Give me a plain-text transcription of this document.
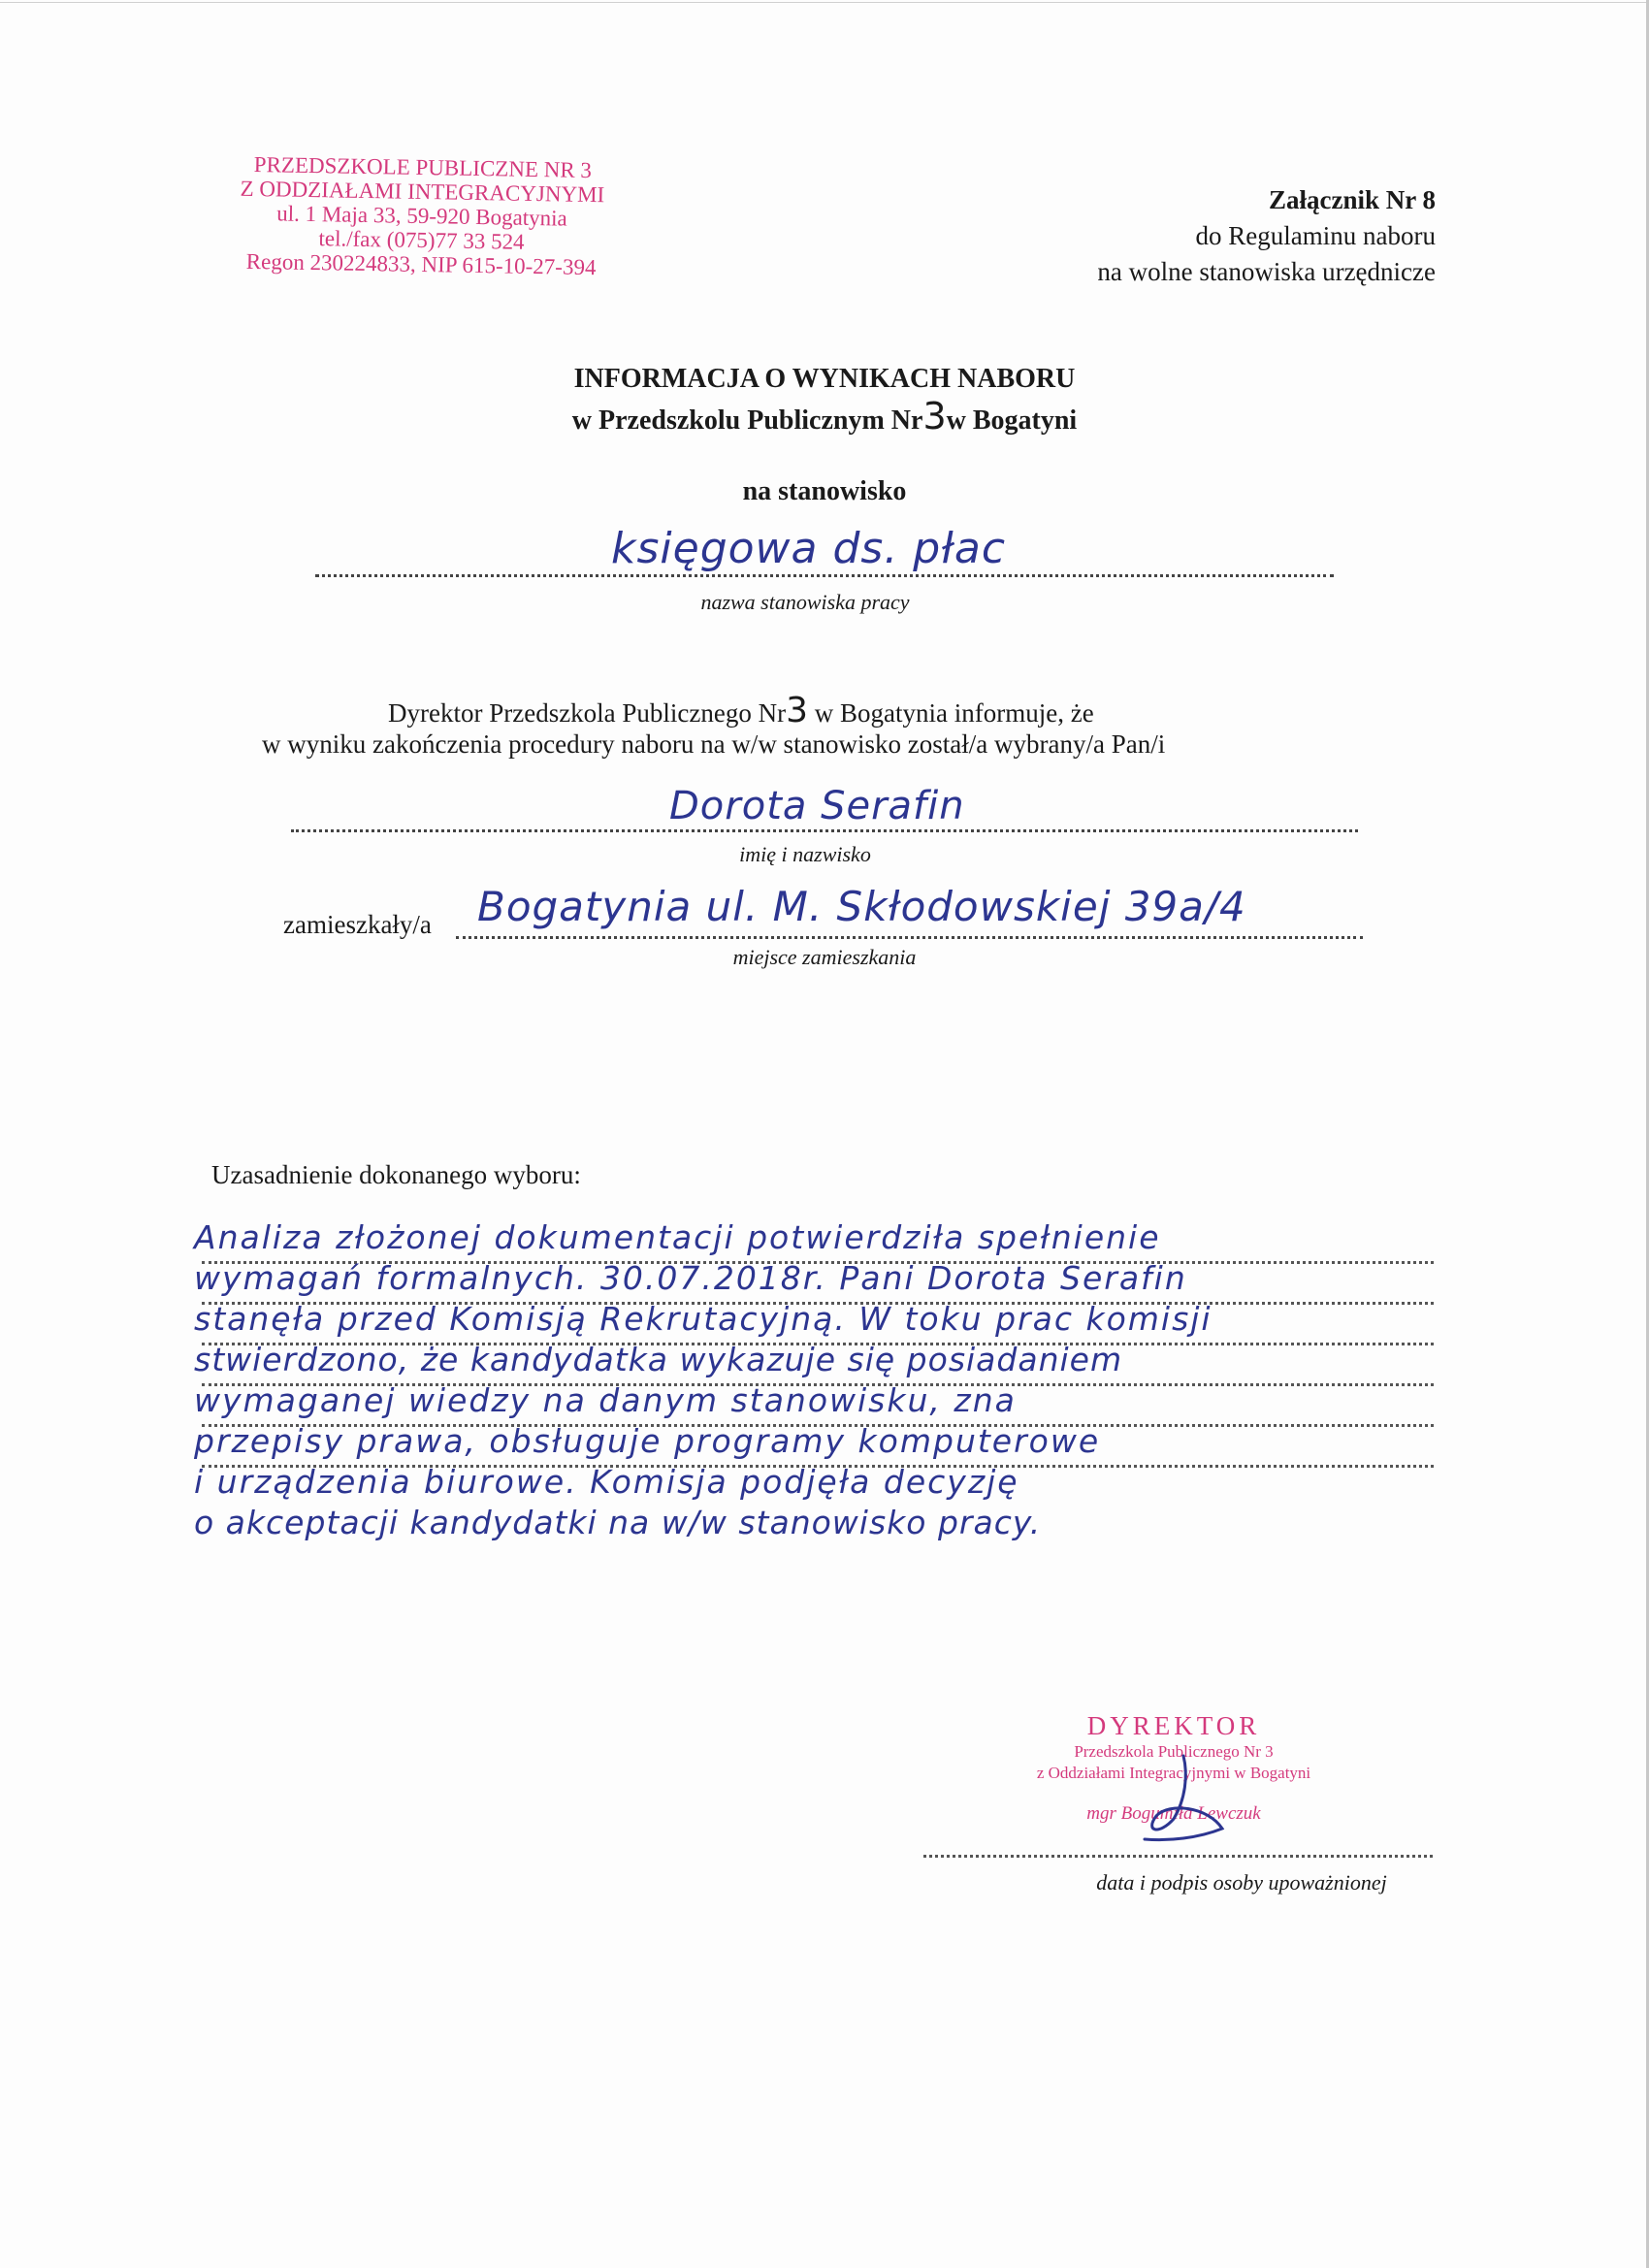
PRZEDSZKOLE PUBLICZNE NR 3
Z ODDZIAŁAMI INTEGRACYJNYMI
ul. 1 Maja 33, 59-920 Bogatynia
tel./fax (075)77 33 524
Regon 230224833, NIP 615-10-27-394
Załącznik Nr 8
do Regulaminu naboru
na wolne stanowiska urzędnicze
INFORMACJA O WYNIKACH NABORU
w Przedszkolu Publicznym Nr3w Bogatyni
na stanowisko
księgowa ds. płac
nazwa stanowiska pracy
Dyrektor Przedszkola Publicznego Nr3 w Bogatynia informuje, że
w wyniku zakończenia procedury naboru na w/w stanowisko został/a wybrany/a Pan/i
Dorota Serafin
imię i nazwisko
zamieszkały/a Bogatynia ul. M. Skłodowskiej 39a/4
miejsce zamieszkania
Uzasadnienie dokonanego wyboru:
Analiza złożonej dokumentacji potwierdziła spełnienie
wymagań formalnych. 30.07.2018r. Pani Dorota Serafin
stanęła przed Komisją Rekrutacyjną. W toku prac komisji
stwierdzono, że kandydatka wykazuje się posiadaniem
wymaganej wiedzy na danym stanowisku, zna
przepisy prawa, obsługuje programy komputerowe
i urządzenia biurowe. Komisja podjęła decyzję
o akceptacji kandydatki na w/w stanowisko pracy.
DYREKTOR
Przedszkola Publicznego Nr 3
z Oddziałami Integracyjnymi w Bogatyni
mgr Bogumiła Lewczuk
data i podpis osoby upoważnionej
